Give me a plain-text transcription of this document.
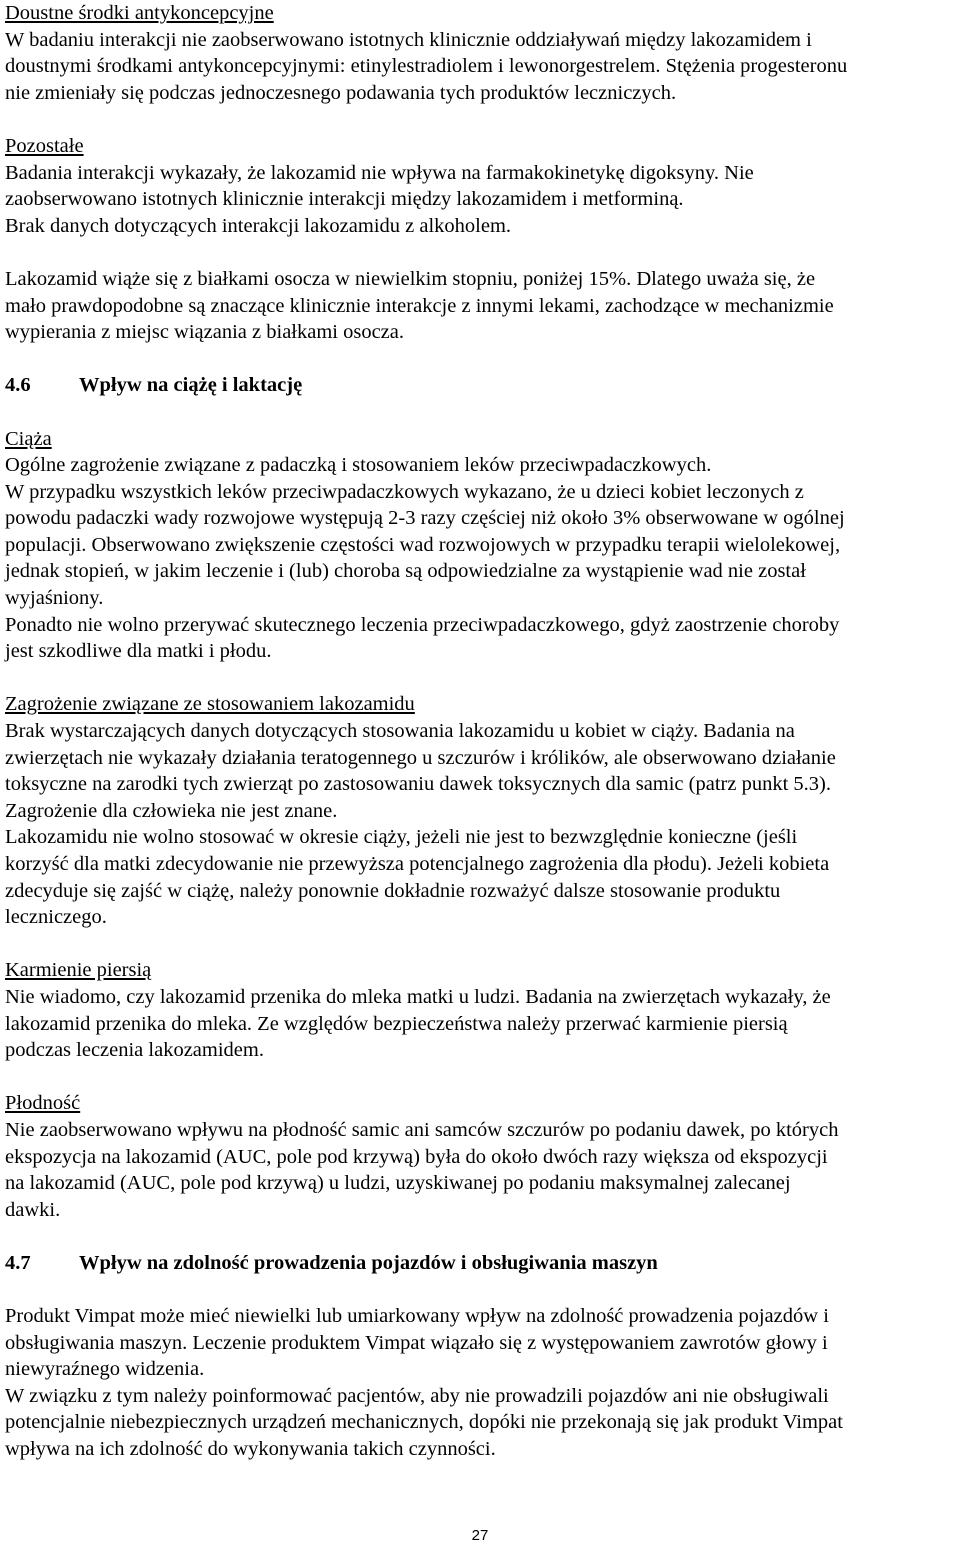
Doustne środki antykoncepcyjne
W badaniu interakcji nie zaobserwowano istotnych klinicznie oddziaływań między lakozamidem i
doustnymi środkami antykoncepcyjnymi: etinylestradiolem i lewonorgestrelem. Stężenia progesteronu
nie zmieniały się podczas jednoczesnego podawania tych produktów leczniczych.
Pozostałe
Badania interakcji wykazały, że lakozamid nie wpływa na farmakokinetykę digoksyny. Nie
zaobserwowano istotnych klinicznie interakcji między lakozamidem i metforminą.
Brak danych dotyczących interakcji lakozamidu z alkoholem.
Lakozamid wiąże się z białkami osocza w niewielkim stopniu, poniżej 15%. Dlatego uważa się, że
mało prawdopodobne są znaczące klinicznie interakcje z innymi lekami, zachodzące w mechanizmie
wypierania z miejsc wiązania z białkami osocza.
4.6	Wpływ na ciążę i laktację
Ciąża
Ogólne zagrożenie związane z padaczką i stosowaniem leków przeciwpadaczkowych.
W przypadku wszystkich leków przeciwpadaczkowych wykazano, że u dzieci kobiet leczonych z
powodu padaczki wady rozwojowe występują 2-3 razy częściej niż około 3% obserwowane w ogólnej
populacji. Obserwowano zwiększenie częstości wad rozwojowych w przypadku terapii wielolekowej,
jednak stopień, w jakim leczenie i (lub) choroba są odpowiedzialne za wystąpienie wad nie został
wyjaśniony.
Ponadto nie wolno przerywać skutecznego leczenia przeciwpadaczkowego, gdyż zaostrzenie choroby
jest szkodliwe dla matki i płodu.
Zagrożenie związane ze stosowaniem lakozamidu
Brak wystarczających danych dotyczących stosowania lakozamidu u kobiet w ciąży. Badania na
zwierzętach nie wykazały działania teratogennego u szczurów i królików, ale obserwowano działanie
toksyczne na zarodki tych zwierząt po zastosowaniu dawek toksycznych dla samic (patrz punkt 5.3).
Zagrożenie dla człowieka nie jest znane.
Lakozamidu nie wolno stosować w okresie ciąży, jeżeli nie jest to bezwzględnie konieczne (jeśli
korzyść dla matki zdecydowanie nie przewyższa potencjalnego zagrożenia dla płodu). Jeżeli kobieta
zdecyduje się zajść w ciążę, należy ponownie dokładnie rozważyć dalsze stosowanie produktu
leczniczego.
Karmienie piersią
Nie wiadomo, czy lakozamid przenika do mleka matki u ludzi. Badania na zwierzętach wykazały, że
lakozamid przenika do mleka. Ze względów bezpieczeństwa należy przerwać karmienie piersią
podczas leczenia lakozamidem.
Płodność
Nie zaobserwowano wpływu na płodność samic ani samców szczurów po podaniu dawek, po których
ekspozycja na lakozamid (AUC, pole pod krzywą) była do około dwóch razy większa od ekspozycji
na lakozamid (AUC, pole pod krzywą) u ludzi, uzyskiwanej po podaniu maksymalnej zalecanej
dawki.
4.7	Wpływ na zdolność prowadzenia pojazdów i obsługiwania maszyn
Produkt Vimpat może mieć niewielki lub umiarkowany wpływ na zdolność prowadzenia pojazdów i
obsługiwania maszyn. Leczenie produktem Vimpat wiązało się z występowaniem zawrotów głowy i
niewyraźnego widzenia.
W związku z tym należy poinformować pacjentów, aby nie prowadzili pojazdów ani nie obsługiwali
potencjalnie niebezpiecznych urządzeń mechanicznych, dopóki nie przekonają się jak produkt Vimpat
wpływa na ich zdolność do wykonywania takich czynności.
27
